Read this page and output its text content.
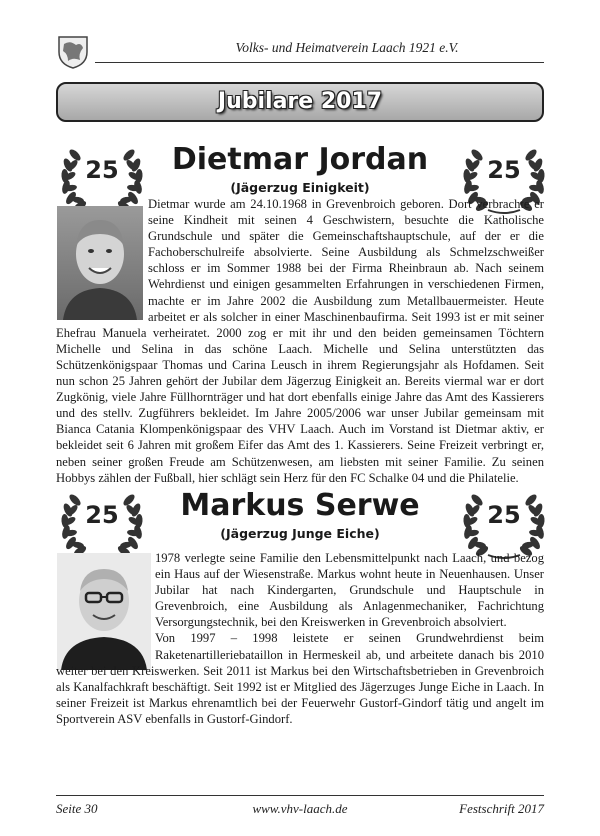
Volks- und Heimatverein Laach 1921 e.V.
Jubilare 2017
25	25
Dietmar Jordan
(Jägerzug Einigkeit)

Dietmar wurde am 24.10.1968 in Grevenbroich geboren. Dort verbrachte er seine Kindheit mit seinen 4 Geschwistern, besuchte die Katholische Grundschule und später die Gemeinschaftshauptschule, auf der er die Fachoberschulreife absolvierte. Seine Ausbildung als Schmelzschweißer schloss er im Sommer 1988 bei der Firma Rheinbraun ab. Nach seinem Wehrdienst und einigen gesammelten Erfahrungen in verschiedenen Firmen, machte er im Jahre 2002 die Ausbildung zum Metallbauermeister. Heute arbeitet er als solcher in einer Maschinenbaufirma. Seit 1993 ist er mit seiner Ehefrau Manuela verheiratet. 2000 zog er mit ihr und den beiden gemeinsamen Töchtern Michelle und Selina in das schöne Laach. Michelle und Selina unterstützten das Schützenkönigspaar Thomas und Carina Leusch in ihrem Regierungsjahr als Hofdamen. Seit nun schon 25 Jahren gehört der Jubilar dem Jägerzug Einigkeit an. Bereits viermal war er dort Zugkönig, viele Jahre Füllhornträger und hat dort ebenfalls einige Jahre das Amt des Kassierers und des stellv. Zugführers bekleidet. Im Jahre 2005/2006 war unser Jubilar gemeinsam mit Bianca Catania Klompenkönigspaar des VHV Laach. Auch im Vorstand ist Dietmar aktiv, er bekleidet seit 6 Jahren mit großem Eifer das Amt des 1. Kassierers. Seine Freizeit verbringt er, neben seiner großen Freude am Schützenwesen, am liebsten mit seiner Familie. Zu seinen Hobbys zählen der Fußball, hier schlägt sein Herz für den FC Schalke 04 und die Philatelie.

25	25
Markus Serwe
(Jägerzug Junge Eiche)

1978 verlegte seine Familie den Lebensmittelpunkt nach Laach, und bezog ein Haus auf der Wiesenstraße. Markus wohnt heute in Neuenhausen. Unser Jubilar hat nach Kindergarten, Grundschule und Hauptschule in Grevenbroich, eine Ausbildung als Anlagenmechaniker, Fachrichtung Versorgungstechnik, bei den Kreiswerken in Grevenbroich absolviert.

Von 1997 – 1998 leistete er seinen Grundwehrdienst beim Raketenartilleriebataillon in Hermeskeil ab, und arbeitete danach bis 2010 weiter bei den Kreiswerken. Seit 2011 ist Markus bei den Wirtschaftsbetrieben in Grevenbroich als Kanalfachkraft beschäftigt. Seit 1992 ist er Mitglied des Jägerzuges Junge Eiche in Laach. In seiner Freizeit ist Markus ehrenamtlich bei der Feuerwehr Gustorf-Gindorf tätig und angelt im Sportverein ASV ebenfalls in Gustorf-Gindorf.

Seite 30	www.vhv-laach.de	Festschrift 2017
